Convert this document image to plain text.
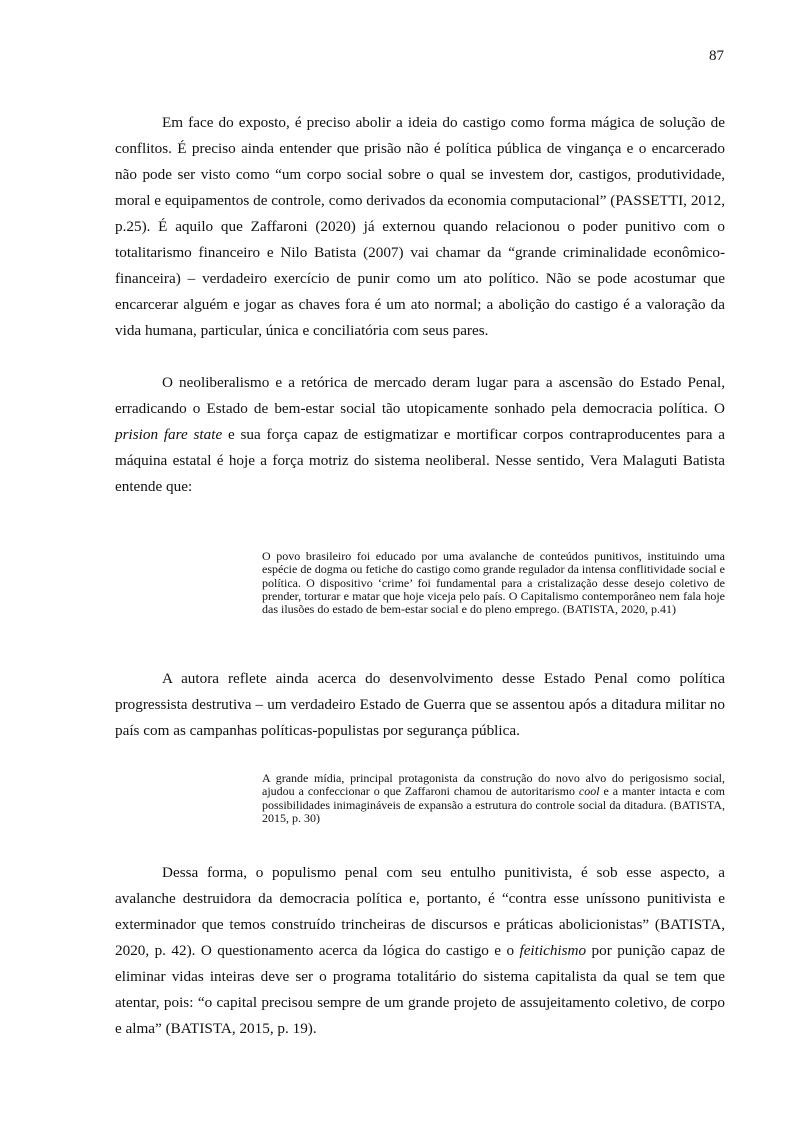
87

Em face do exposto, é preciso abolir a ideia do castigo como forma mágica de solução de conflitos. É preciso ainda entender que prisão não é política pública de vingança e o encarcerado não pode ser visto como “um corpo social sobre o qual se investem dor, castigos, produtividade, moral e equipamentos de controle, como derivados da economia computacional” (PASSETTI, 2012, p.25). É aquilo que Zaffaroni (2020) já externou quando relacionou o poder punitivo com o totalitarismo financeiro e Nilo Batista (2007) vai chamar da “grande criminalidade econômico-financeira) – verdadeiro exercício de punir como um ato político. Não se pode acostumar que encarcerar alguém e jogar as chaves fora é um ato normal; a abolição do castigo é a valoração da vida humana, particular, única e conciliatória com seus pares.

O neoliberalismo e a retórica de mercado deram lugar para a ascensão do Estado Penal, erradicando o Estado de bem-estar social tão utopicamente sonhado pela democracia política. O prision fare state e sua força capaz de estigmatizar e mortificar corpos contraproducentes para a máquina estatal é hoje a força motriz do sistema neoliberal. Nesse sentido, Vera Malaguti Batista entende que:

O povo brasileiro foi educado por uma avalanche de conteúdos punitivos, instituindo uma espécie de dogma ou fetiche do castigo como grande regulador da intensa conflitividade social e política. O dispositivo ‘crime’ foi fundamental para a cristalização desse desejo coletivo de prender, torturar e matar que hoje viceja pelo país. O Capitalismo contemporâneo nem fala hoje das ilusões do estado de bem-estar social e do pleno emprego. (BATISTA, 2020, p.41)

A autora reflete ainda acerca do desenvolvimento desse Estado Penal como política progressista destrutiva – um verdadeiro Estado de Guerra que se assentou após a ditadura militar no país com as campanhas políticas-populistas por segurança pública.

A grande mídia, principal protagonista da construção do novo alvo do perigosismo social, ajudou a confeccionar o que Zaffaroni chamou de autoritarismo cool e a manter intacta e com possibilidades inimagináveis de expansão a estrutura do controle social da ditadura. (BATISTA, 2015, p. 30)

Dessa forma, o populismo penal com seu entulho punitivista, é sob esse aspecto, a avalanche destruidora da democracia política e, portanto, é “contra esse uníssono punitivista e exterminador que temos construído trincheiras de discursos e práticas abolicionistas” (BATISTA, 2020, p. 42). O questionamento acerca da lógica do castigo e o feitichismo por punição capaz de eliminar vidas inteiras deve ser o programa totalitário do sistema capitalista da qual se tem que atentar, pois: “o capital precisou sempre de um grande projeto de assujeitamento coletivo, de corpo e alma” (BATISTA, 2015, p. 19).
